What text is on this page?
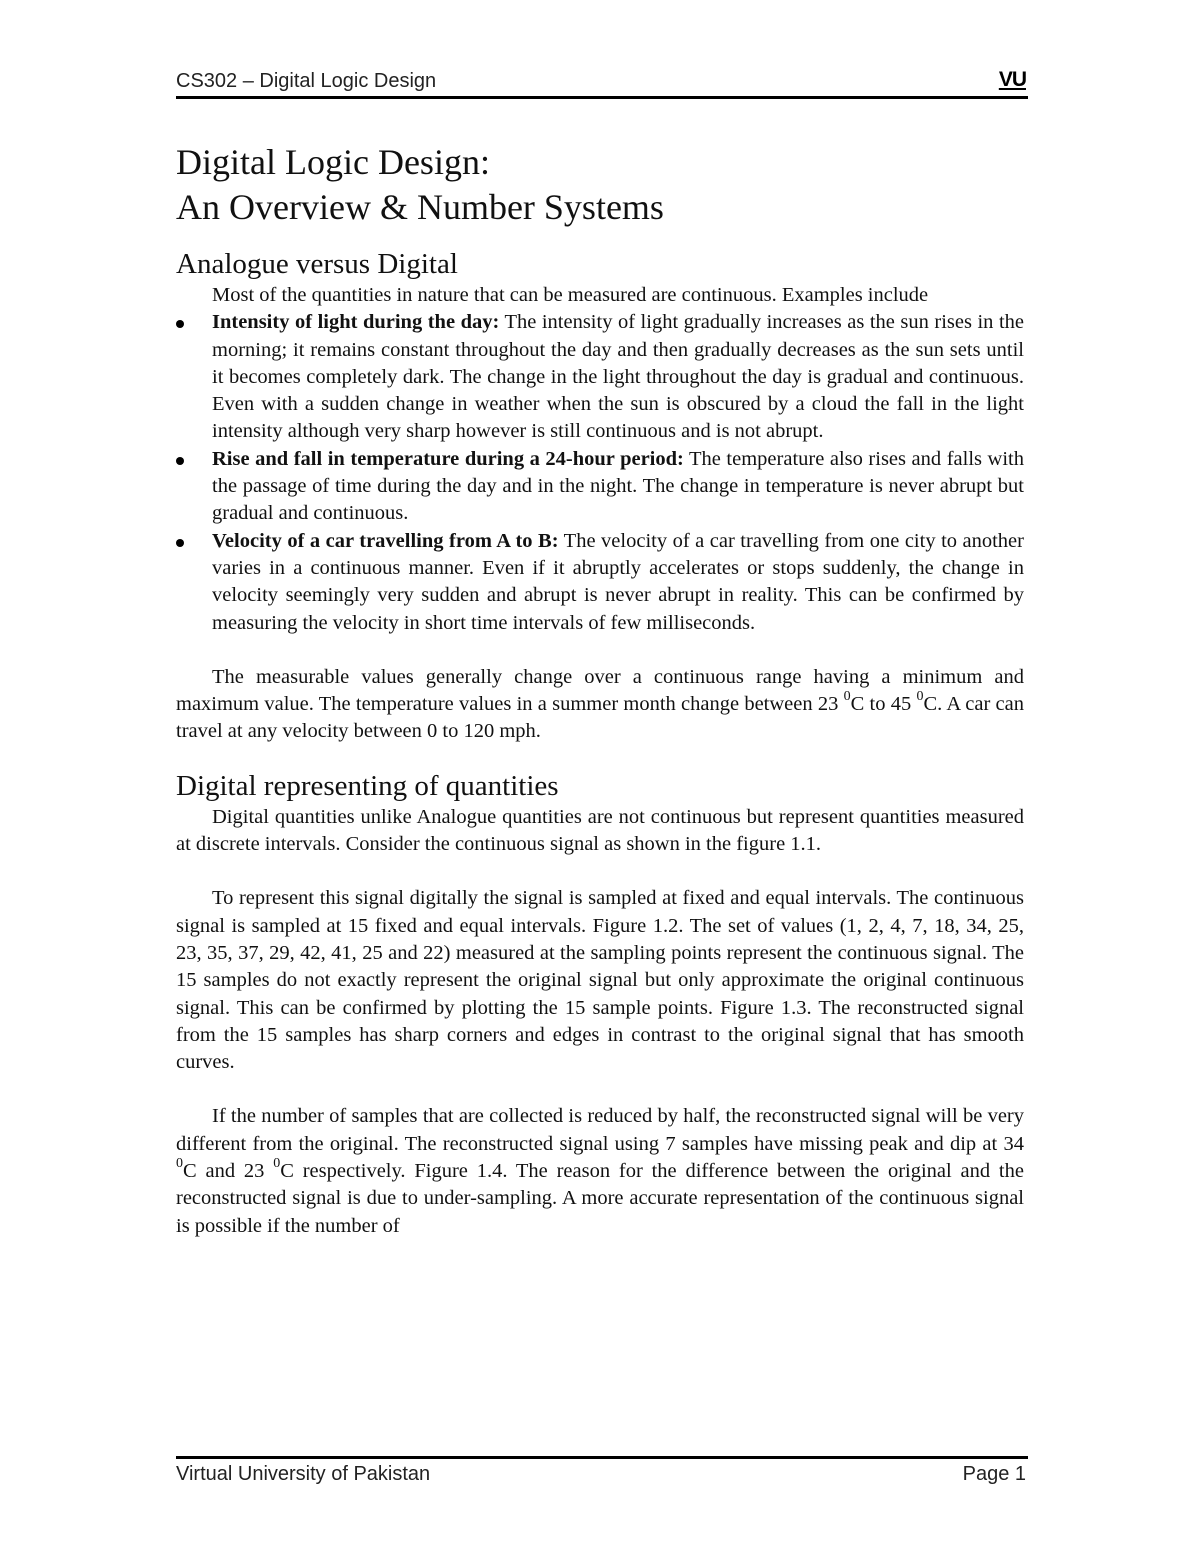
CS302 – Digital Logic Design	VU
Digital Logic Design:
An Overview & Number Systems
Analogue versus Digital

Most of the quantities in nature that can be measured are continuous. Examples include

Intensity of light during the day: The intensity of light gradually increases as the sun rises in the morning; it remains constant throughout the day and then gradually decreases as the sun sets until it becomes completely dark. The change in the light throughout the day is gradual and continuous. Even with a sudden change in weather when the sun is obscured by a cloud the fall in the light intensity although very sharp however is still continuous and is not abrupt.
Rise and fall in temperature during a 24-hour period: The temperature also rises and falls with the passage of time during the day and in the night. The change in temperature is never abrupt but gradual and continuous.
Velocity of a car travelling from A to B: The velocity of a car travelling from one city to another varies in a continuous manner. Even if it abruptly accelerates or stops suddenly, the change in velocity seemingly very sudden and abrupt is never abrupt in reality. This can be confirmed by measuring the velocity in short time intervals of few milliseconds.

The measurable values generally change over a continuous range having a minimum and maximum value. The temperature values in a summer month change between 23 $^0$C to 45 $^0$C. A car can travel at any velocity between 0 to 120 mph.

Digital representing of quantities

Digital quantities unlike Analogue quantities are not continuous but represent quantities measured at discrete intervals. Consider the continuous signal as shown in the figure 1.1.

To represent this signal digitally the signal is sampled at fixed and equal intervals. The continuous signal is sampled at 15 fixed and equal intervals. Figure 1.2. The set of values (1, 2, 4, 7, 18, 34, 25, 23, 35, 37, 29, 42, 41, 25 and 22) measured at the sampling points represent the continuous signal. The 15 samples do not exactly represent the original signal but only approximate the original continuous signal. This can be confirmed by plotting the 15 sample points. Figure 1.3. The reconstructed signal from the 15 samples has sharp corners and edges in contrast to the original signal that has smooth curves.

If the number of samples that are collected is reduced by half, the reconstructed signal will be very different from the original. The reconstructed signal using 7 samples have missing peak and dip at 34 $^0$C and 23 $^0$C respectively. Figure 1.4. The reason for the difference between the original and the reconstructed signal is due to under-sampling. A more accurate representation of the continuous signal is possible if the number of

Virtual University of Pakistan	Page 1
